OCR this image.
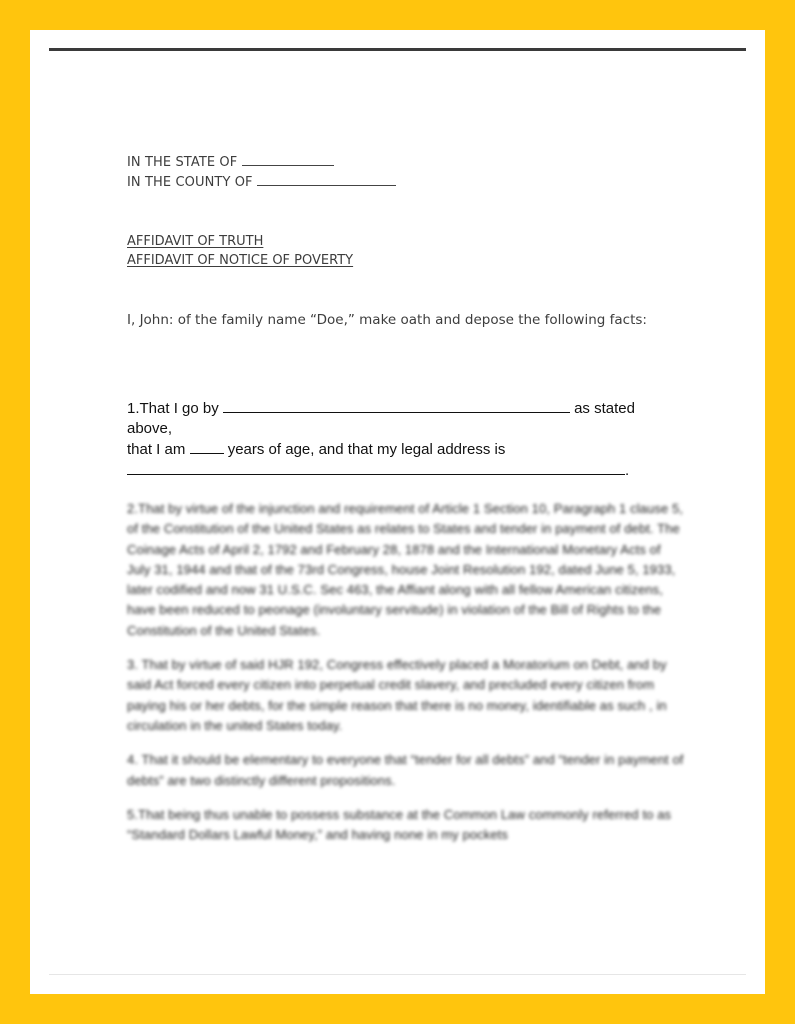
IN THE STATE OF
IN THE COUNTY OF
AFFIDAVIT OF TRUTH
AFFIDAVIT OF NOTICE OF POVERTY
I, John: of the family name “Doe,” make oath and depose the following facts:
1.That I go by	as stated
above,
that I am	years of age, and that my legal address is
.
2.That by virtue of the injunction and requirement of Article 1 Section 10, Paragraph 1 clause 5, of the Constitution of the United States as relates to States and tender in payment of debt. The Coinage Acts of April 2, 1792 and February 28, 1878 and the International Monetary Acts of July 31, 1944 and that of the 73rd Congress, house Joint Resolution 192, dated June 5, 1933, later codified and now 31 U.S.C. Sec 463, the Affiant along with all fellow American citizens, have been reduced to peonage (involuntary servitude) in violation of the Bill of Rights to the Constitution of the United States.
3. That by virtue of said HJR 192, Congress effectively placed a Moratorium on Debt, and by said Act forced every citizen into perpetual credit slavery, and precluded every citizen from paying his or her debts, for the simple reason that there is no money, identifiable as such , in circulation in the united States today.
4. That it should be elementary to everyone that “tender for all debts” and “tender in payment of debts” are two distinctly different propositions.
5.That being thus unable to possess substance at the Common Law commonly referred to as “Standard Dollars Lawful Money,” and having none in my pockets
